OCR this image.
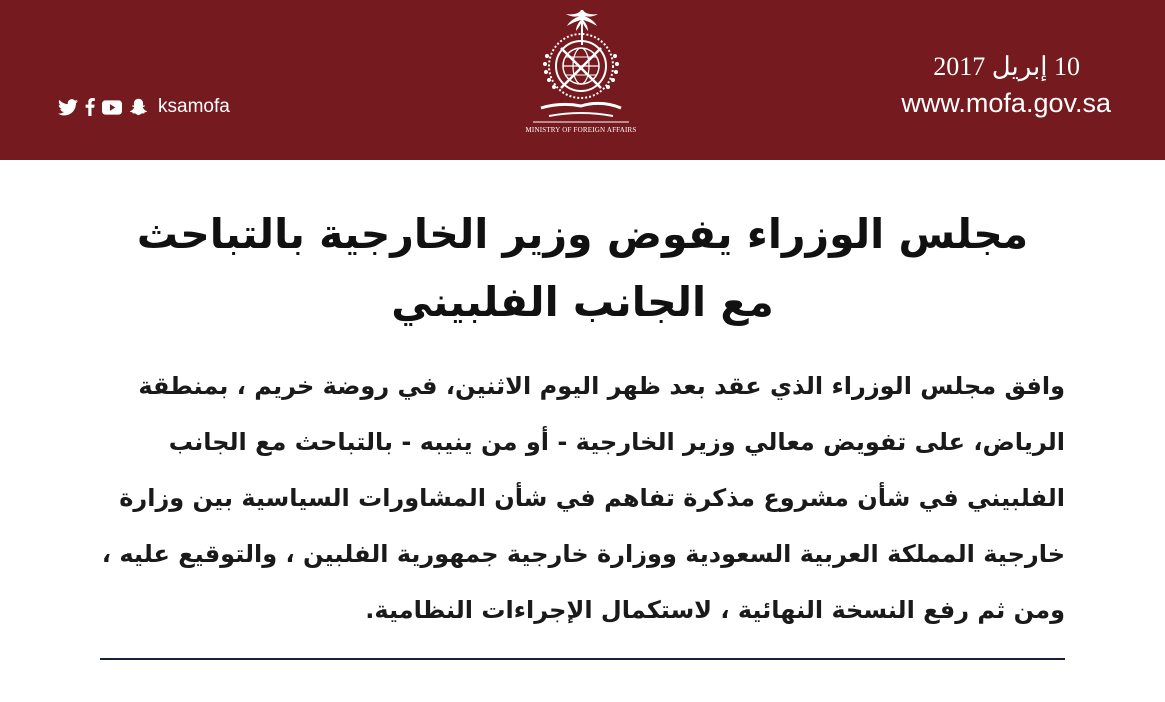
ksamofa
MINISTRY OF FOREIGN AFFAIRS
10 إبريل 2017
www.mofa.gov.sa
مجلس الوزراء يفوض وزير الخارجية بالتباحث
مع الجانب الفلبيني
وافق مجلس الوزراء الذي عقد بعد ظهر اليوم الاثنين، في روضة خريم ، بمنطقة
الرياض، على تفويض معالي وزير الخارجية - أو من ينيبه - بالتباحث مع الجانب
الفلبيني في شأن مشروع مذكرة تفاهم في شأن المشاورات السياسية بين وزارة
خارجية المملكة العربية السعودية ووزارة خارجية جمهورية الفلبين ، والتوقيع عليه ،
ومن ثم رفع النسخة النهائية ، لاستكمال الإجراءات النظامية.
